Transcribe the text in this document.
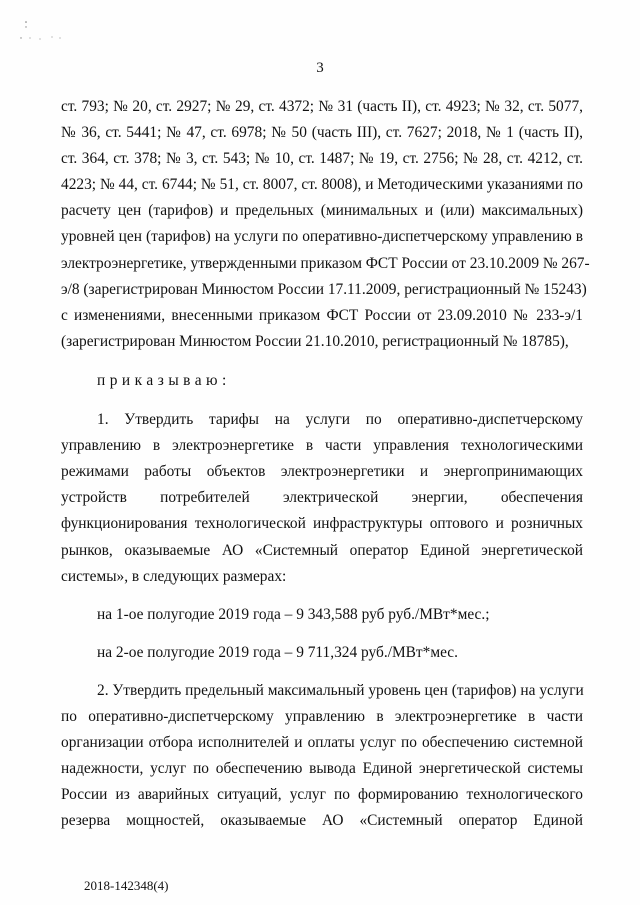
3
ст. 793; № 20, ст. 2927; № 29, ст. 4372; № 31 (часть II), ст. 4923; № 32, ст. 5077,
№ 36, ст. 5441; № 47, ст. 6978; № 50 (часть III), ст. 7627; 2018, № 1 (часть II),
ст. 364, ст. 378; № 3, ст. 543; № 10, ст. 1487; № 19, ст. 2756; № 28, ст. 4212, ст.
4223; № 44, ст. 6744; № 51, ст. 8007, ст. 8008), и Методическими указаниями по
расчету цен (тарифов) и предельных (минимальных и (или) максимальных)
уровней цен (тарифов) на услуги по оперативно-диспетчерскому управлению в
электроэнергетике, утвержденными приказом ФСТ России от 23.10.2009 № 267-
э/8 (зарегистрирован Минюстом России 17.11.2009, регистрационный № 15243)
с изменениями, внесенными приказом ФСТ России от 23.09.2010 № 233-э/1
(зарегистрирован Минюстом России 21.10.2010, регистрационный № 18785),
приказываю:
1. Утвердить тарифы на услуги по оперативно-диспетчерскому
управлению в электроэнергетике в части управления технологическими
режимами работы объектов электроэнергетики и энергопринимающих
устройств потребителей электрической энергии, обеспечения
функционирования технологической инфраструктуры оптового и розничных
рынков, оказываемые АО «Системный оператор Единой энергетической
системы», в следующих размерах:
на 1-ое полугодие 2019 года – 9 343,588 руб руб./МВт*мес.;
на 2-ое полугодие 2019 года – 9 711,324 руб./МВт*мес.
2. Утвердить предельный максимальный уровень цен (тарифов) на услуги
по оперативно-диспетчерскому управлению в электроэнергетике в части
организации отбора исполнителей и оплаты услуг по обеспечению системной
надежности, услуг по обеспечению вывода Единой энергетической системы
России из аварийных ситуаций, услуг по формированию технологического
резерва мощностей, оказываемые АО «Системный оператор Единой
2018-142348(4)
